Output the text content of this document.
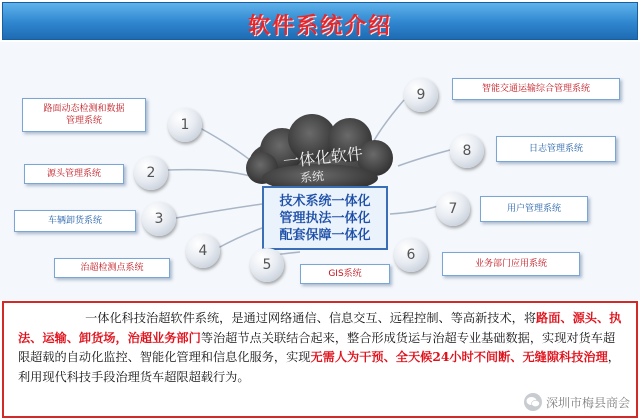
软件系统介绍
一体化软件
系统
技术系统一体化
管理执法一体化
配套保障一体化
路面动态检测和数据
管理系统	1
源头管理系统	2
车辆卸货系统	3
治超检测点系统
4
5
GIS系统
6
业务部门应用系统
7	用户管理系统
8	日志管理系统
9	智能交通运输综合管理系统
一体化科技治超软件系统，是通过网络通信、信息交互、远程控制、等高新技术，将路面、源头、执法、运输、卸货场，治超业务部门等治超节点关联结合起来，整合形成货运与治超专业基础数据，实现对货车超限超载的自动化监控、智能化管理和信息化服务，实现无需人为干预、全天候24小时不间断、无缝隙科技治理，利用现代科技手段治理货车超限超载行为。
深圳市梅县商会
